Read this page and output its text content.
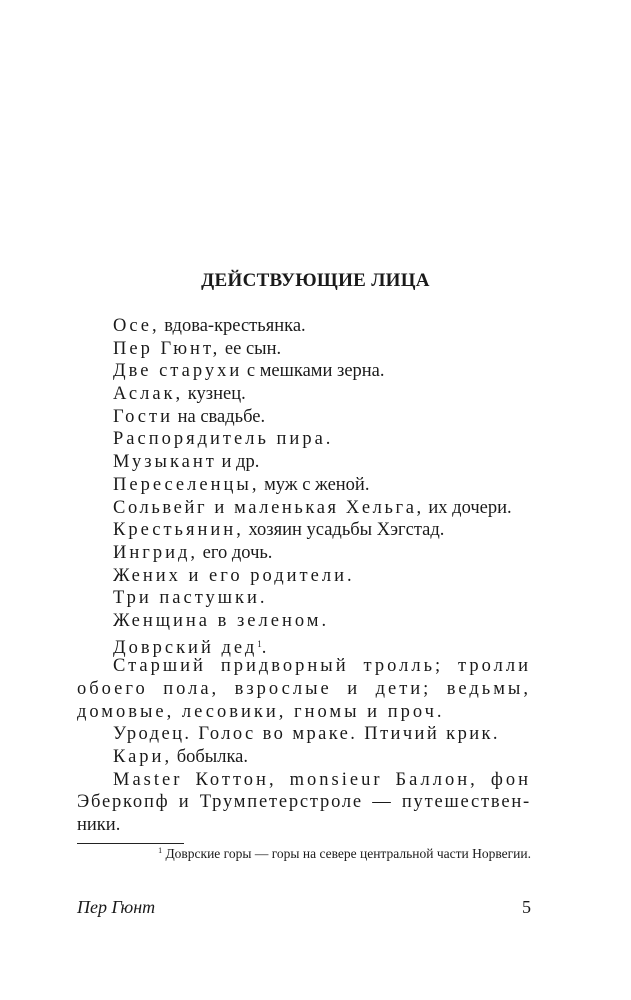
ДЕЙСТВУЮЩИЕ ЛИЦА
Осе, вдова-крестьянка.
Пер Гюнт, ее сын.
Две старухи с мешками зерна.
Аслак, кузнец.
Гости на свадьбе.
Распорядитель пира.
Музыкант и др.
Переселенцы, муж с женой.
Сольвейг и маленькая Хельга, их дочери.
Крестьянин, хозяин усадьбы Хэгстад.
Ингрид, его дочь.
Жених и его родители.
Три пастушки.
Женщина в зеленом.
Доврский дед$^1$.
Старший придворный тролль; тролли
обоего пола, взрослые и дети; ведьмы,
домовые, лесовики, гномы и проч.
Уродец. Голос во мраке. Птичий крик.
Кари, бобылка.
Master Коттон, monsieur Баллон, фон
Эберкопф и Трумпетерстроле — путешествен-
ники.
$^1$ Доврские горы — горы на севере центральной части Норвегии.
Пер Гюнт	5
